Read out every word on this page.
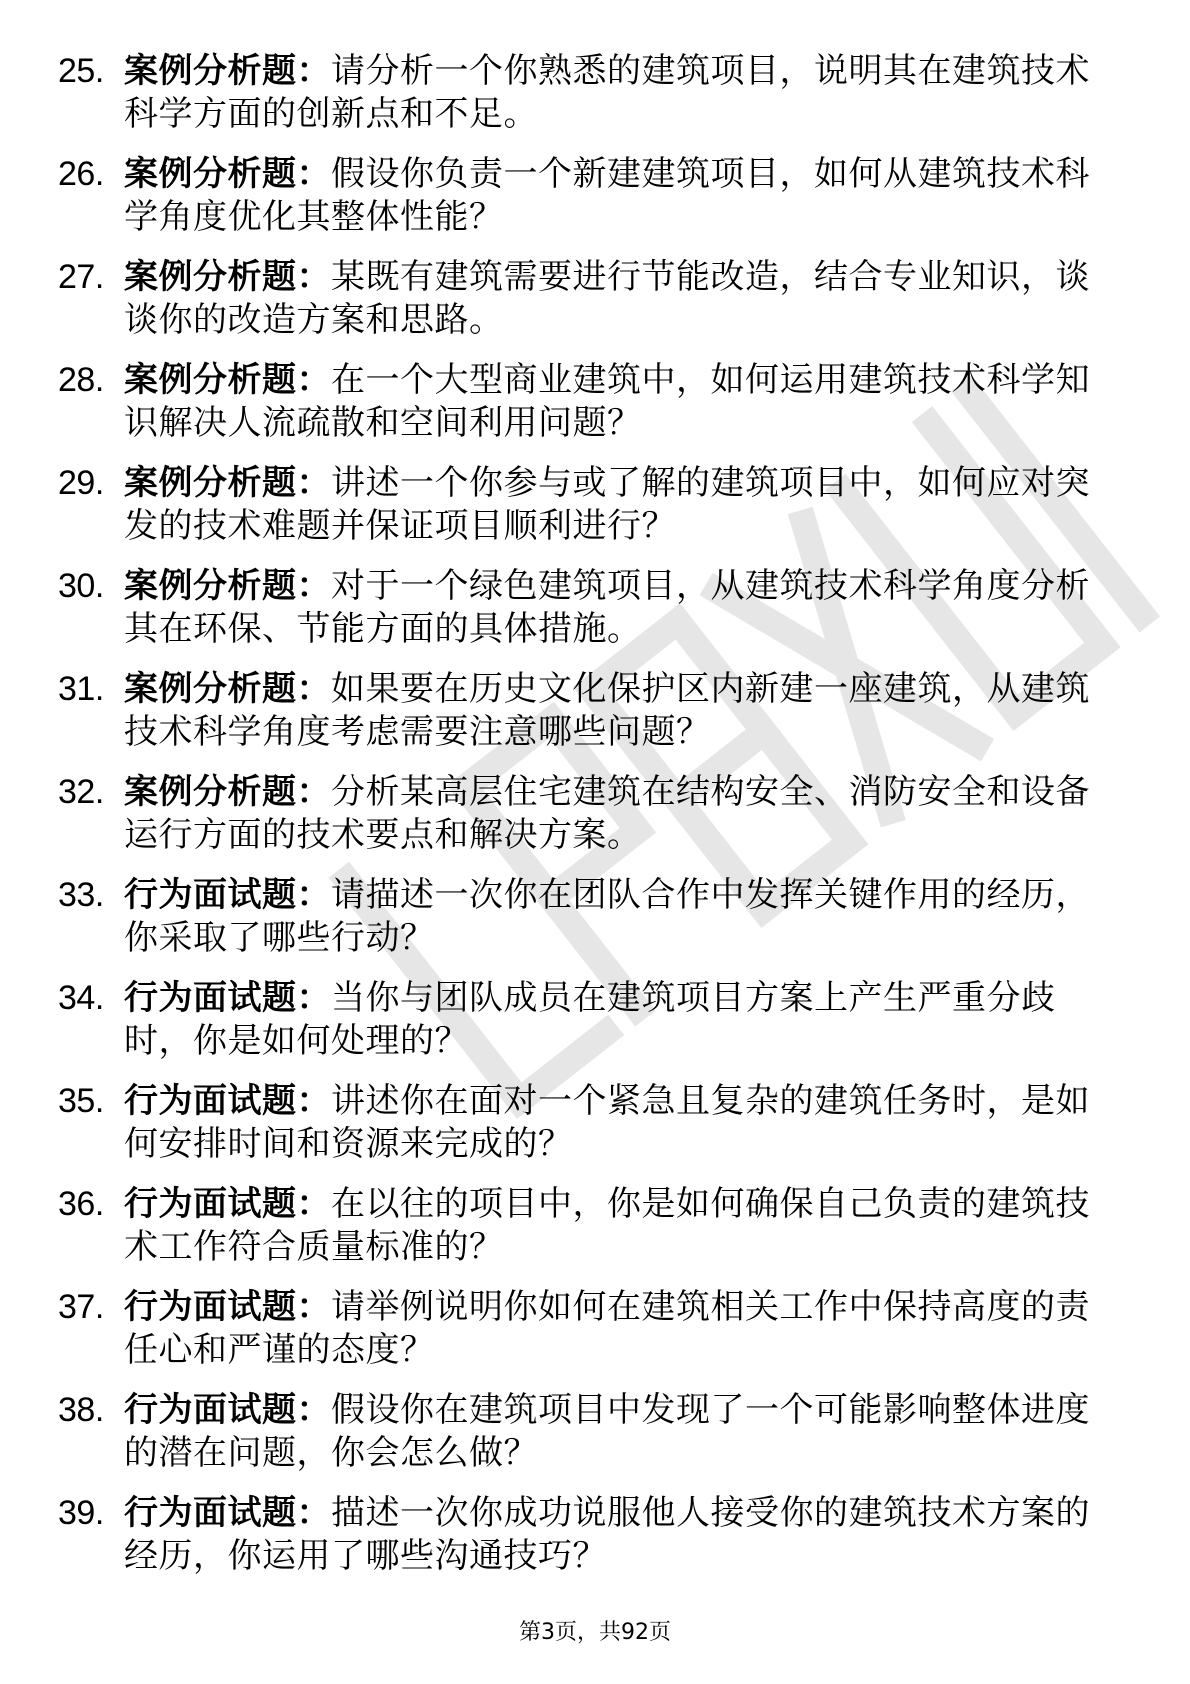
25. 案例分析题：请分析一个你熟悉的建筑项目，说明其在建筑技术科学方面的创新点和不足。
26. 案例分析题：假设你负责一个新建建筑项目，如何从建筑技术科学角度优化其整体性能？
27. 案例分析题：某既有建筑需要进行节能改造，结合专业知识，谈谈你的改造方案和思路。
28. 案例分析题：在一个大型商业建筑中，如何运用建筑技术科学知识解决人流疏散和空间利用问题？
29. 案例分析题：讲述一个你参与或了解的建筑项目中，如何应对突发的技术难题并保证项目顺利进行？
30. 案例分析题：对于一个绿色建筑项目，从建筑技术科学角度分析其在环保、节能方面的具体措施。
31. 案例分析题：如果要在历史文化保护区内新建一座建筑，从建筑技术科学角度考虑需要注意哪些问题？
32. 案例分析题：分析某高层住宅建筑在结构安全、消防安全和设备运行方面的技术要点和解决方案。
33. 行为面试题：请描述一次你在团队合作中发挥关键作用的经历，你采取了哪些行动？
34. 行为面试题：当你与团队成员在建筑项目方案上产生严重分歧时，你是如何处理的？
35. 行为面试题：讲述你在面对一个紧急且复杂的建筑任务时，是如何安排时间和资源来完成的？
36. 行为面试题：在以往的项目中，你是如何确保自己负责的建筑技术工作符合质量标准的？
37. 行为面试题：请举例说明你如何在建筑相关工作中保持高度的责任心和严谨的态度？
38. 行为面试题：假设你在建筑项目中发现了一个可能影响整体进度的潜在问题，你会怎么做？
39. 行为面试题：描述一次你成功说服他人接受你的建筑技术方案的经历，你运用了哪些沟通技巧？
第3页，共92页
